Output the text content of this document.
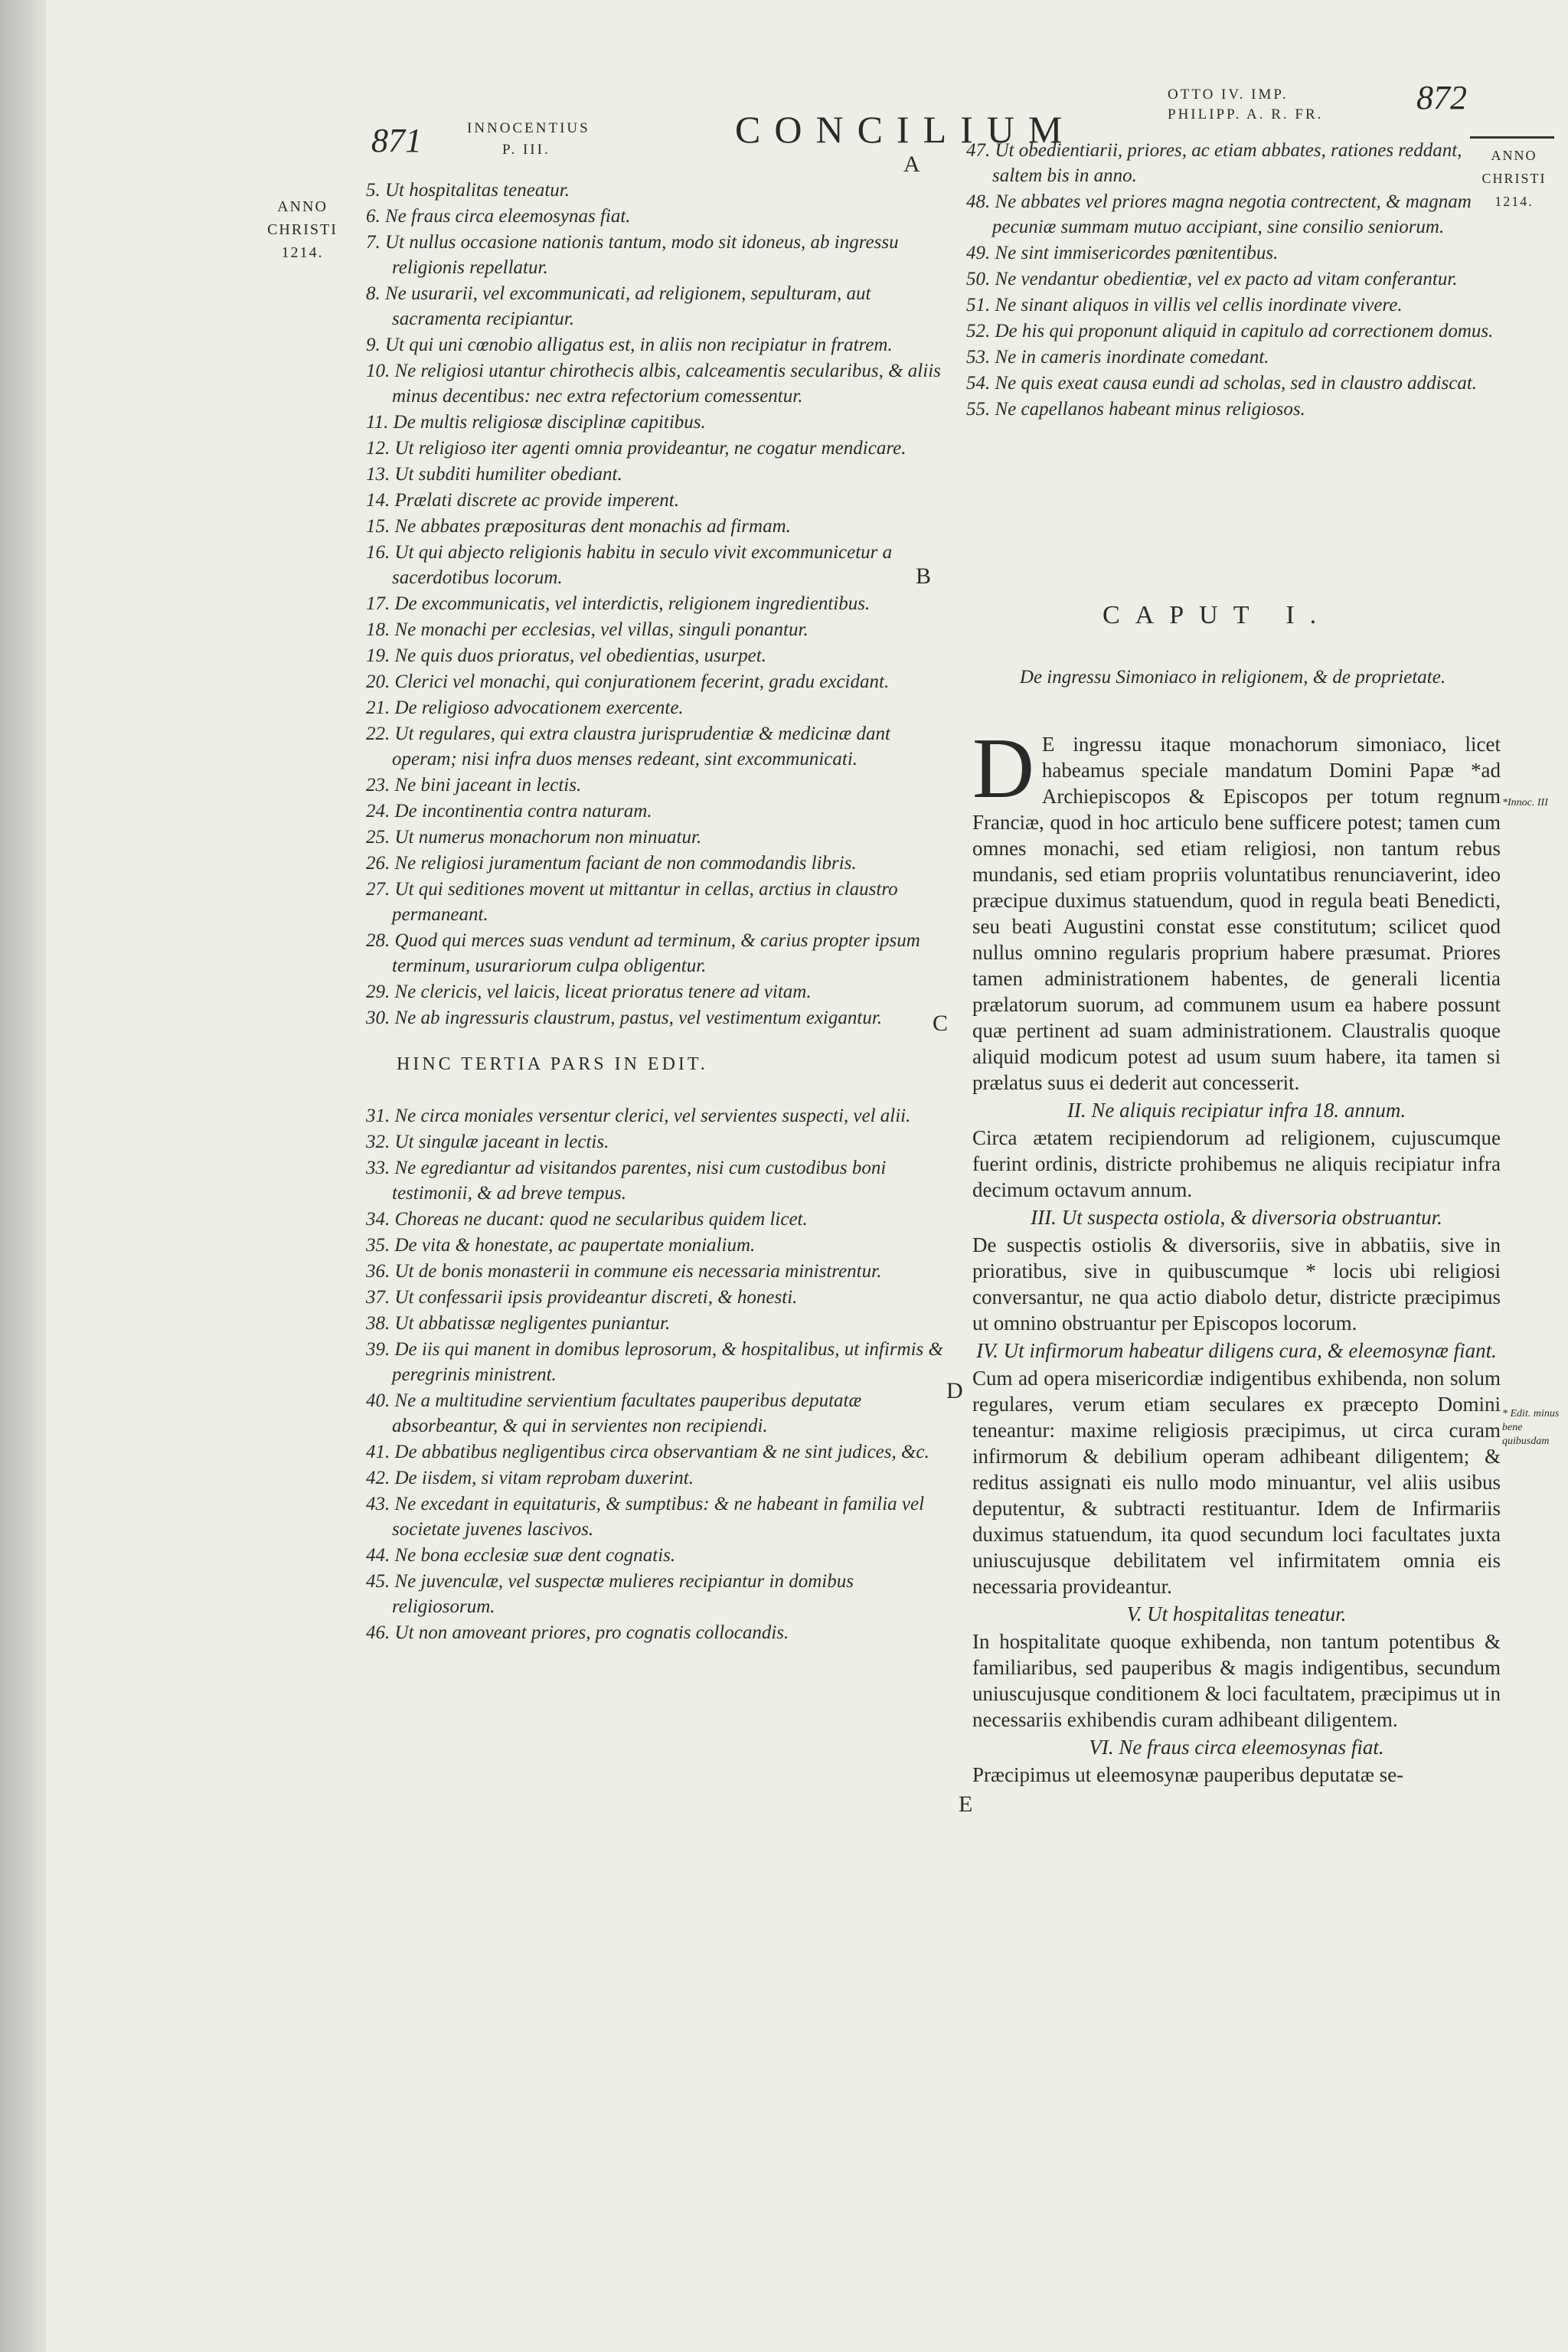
871	INNOCENTIUS
P. III.	CONCILIUM
OTTO IV. IMP.
PHILIPP. A. R. FR.	872
ANNO
CHRISTI
1214.
ANNO
CHRISTI
1214.
A
B
C
D
E
5. Ut hospitalitas teneatur.
6. Ne fraus circa eleemosynas fiat.
7. Ut nullus occasione nationis tantum, modo sit idoneus, ab ingressu religionis repellatur.
8. Ne usurarii, vel excommunicati, ad religionem, sepulturam, aut sacramenta recipiantur.
9. Ut qui uni cœnobio alligatus est, in aliis non recipiatur in fratrem.
10. Ne religiosi utantur chirothecis albis, calceamentis secularibus, & aliis minus decentibus: nec extra refectorium comessentur.
11. De multis religiosæ disciplinæ capitibus.
12. Ut religioso iter agenti omnia provideantur, ne cogatur mendicare.
13. Ut subditi humiliter obediant.
14. Prælati discrete ac provide imperent.
15. Ne abbates præposituras dent monachis ad firmam.
16. Ut qui abjecto religionis habitu in seculo vivit excommunicetur a sacerdotibus locorum.
17. De excommunicatis, vel interdictis, religionem ingredientibus.
18. Ne monachi per ecclesias, vel villas, singuli ponantur.
19. Ne quis duos prioratus, vel obedientias, usurpet.
20. Clerici vel monachi, qui conjurationem fecerint, gradu excidant.
21. De religioso advocationem exercente.
22. Ut regulares, qui extra claustra jurisprudentiæ & medicinæ dant operam; nisi infra duos menses redeant, sint excommunicati.
23. Ne bini jaceant in lectis.
24. De incontinentia contra naturam.
25. Ut numerus monachorum non minuatur.
26. Ne religiosi juramentum faciant de non commodandis libris.
27. Ut qui seditiones movent ut mittantur in cellas, arctius in claustro permaneant.
28. Quod qui merces suas vendunt ad terminum, & carius propter ipsum terminum, usurariorum culpa obligentur.
29. Ne clericis, vel laicis, liceat prioratus tenere ad vitam.
30. Ne ab ingressuris claustrum, pastus, vel vestimentum exigantur.
HINC TERTIA PARS IN EDIT.
31. Ne circa moniales versentur clerici, vel servientes suspecti, vel alii.
32. Ut singulæ jaceant in lectis.
33. Ne egrediantur ad visitandos parentes, nisi cum custodibus boni testimonii, & ad breve tempus.
34. Choreas ne ducant: quod ne secularibus quidem licet.
35. De vita & honestate, ac paupertate monialium.
36. Ut de bonis monasterii in commune eis necessaria ministrentur.
37. Ut confessarii ipsis provideantur discreti, & honesti.
38. Ut abbatissæ negligentes puniantur.
39. De iis qui manent in domibus leprosorum, & hospitalibus, ut infirmis & peregrinis ministrent.
40. Ne a multitudine servientium facultates pauperibus deputatæ absorbeantur, & qui in servientes non recipiendi.
41. De abbatibus negligentibus circa observantiam & ne sint judices, &c.
42. De iisdem, si vitam reprobam duxerint.
43. Ne excedant in equitaturis, & sumptibus: & ne habeant in familia vel societate juvenes lascivos.
44. Ne bona ecclesiæ suæ dent cognatis.
45. Ne juvenculæ, vel suspectæ mulieres recipiantur in domibus religiosorum.
46. Ut non amoveant priores, pro cognatis collocandis.
47. Ut obedientiarii, priores, ac etiam abbates, rationes reddant, saltem bis in anno.
48. Ne abbates vel priores magna negotia contrectent, & magnam pecuniæ summam mutuo accipiant, sine consilio seniorum.
49. Ne sint immisericordes pœnitentibus.
50. Ne vendantur obedientiæ, vel ex pacto ad vitam conferantur.
51. Ne sinant aliquos in villis vel cellis inordinate vivere.
52. De his qui proponunt aliquid in capitulo ad correctionem domus.
53. Ne in cameris inordinate comedant.
54. Ne quis exeat causa eundi ad scholas, sed in claustro addiscat.
55. Ne capellanos habeant minus religiosos.
CAPUT I.
De ingressu Simoniaco in religionem, & de proprietate.

D E ingressu itaque monachorum simoniaco, licet habeamus speciale mandatum Domini Papæ *ad Archiepiscopos & Episcopos per totum regnum Franciæ, quod in hoc articulo bene sufficere potest; tamen cum omnes monachi, sed etiam religiosi, non tantum rebus mundanis, sed etiam propriis voluntatibus renunciaverint, ideo præcipue duximus statuendum, quod in regula beati Benedicti, seu beati Augustini constat esse constitutum; scilicet quod nullus omnino regularis proprium habere præsumat. Priores tamen administrationem habentes, de generali licentia prælatorum suorum, ad communem usum ea habere possunt quæ pertinent ad suam administrationem. Claustralis quoque aliquid modicum potest ad usum suum habere, ita tamen si prælatus suus ei dederit aut concesserit.

II. Ne aliquis recipiatur infra 18. annum.

Circa ætatem recipiendorum ad religionem, cujuscumque fuerint ordinis, districte prohibemus ne aliquis recipiatur infra decimum octavum annum.

III. Ut suspecta ostiola, & diversoria obstruantur.

De suspectis ostiolis & diversoriis, sive in abbatiis, sive in prioratibus, sive in quibuscumque * locis ubi religiosi conversantur, ne qua actio diabolo detur, districte præcipimus ut omnino obstruantur per Episcopos locorum.

IV. Ut infirmorum habeatur diligens cura, & eleemosynæ fiant.

Cum ad opera misericordiæ indigentibus exhibenda, non solum regulares, verum etiam seculares ex præcepto Domini teneantur: maxime religiosis præcipimus, ut circa curam infirmorum & debilium operam adhibeant diligentem; & reditus assignati eis nullo modo minuantur, vel aliis usibus deputentur, & subtracti restituantur. Idem de Infirmariis duximus statuendum, ita quod secundum loci facultates juxta uniuscujusque debilitatem vel infirmitatem omnia eis necessaria provideantur.

V. Ut hospitalitas teneatur.

In hospitalitate quoque exhibenda, non tantum potentibus & familiaribus, sed pauperibus & magis indigentibus, secundum uniuscujusque conditionem & loci facultatem, præcipimus ut in necessariis exhibendis curam adhibeant diligentem.

VI. Ne fraus circa eleemosynas fiat.

Præcipimus ut eleemosynæ pauperibus deputatæ se-

*Innoc. III
* Edit. minus bene quibusdam
